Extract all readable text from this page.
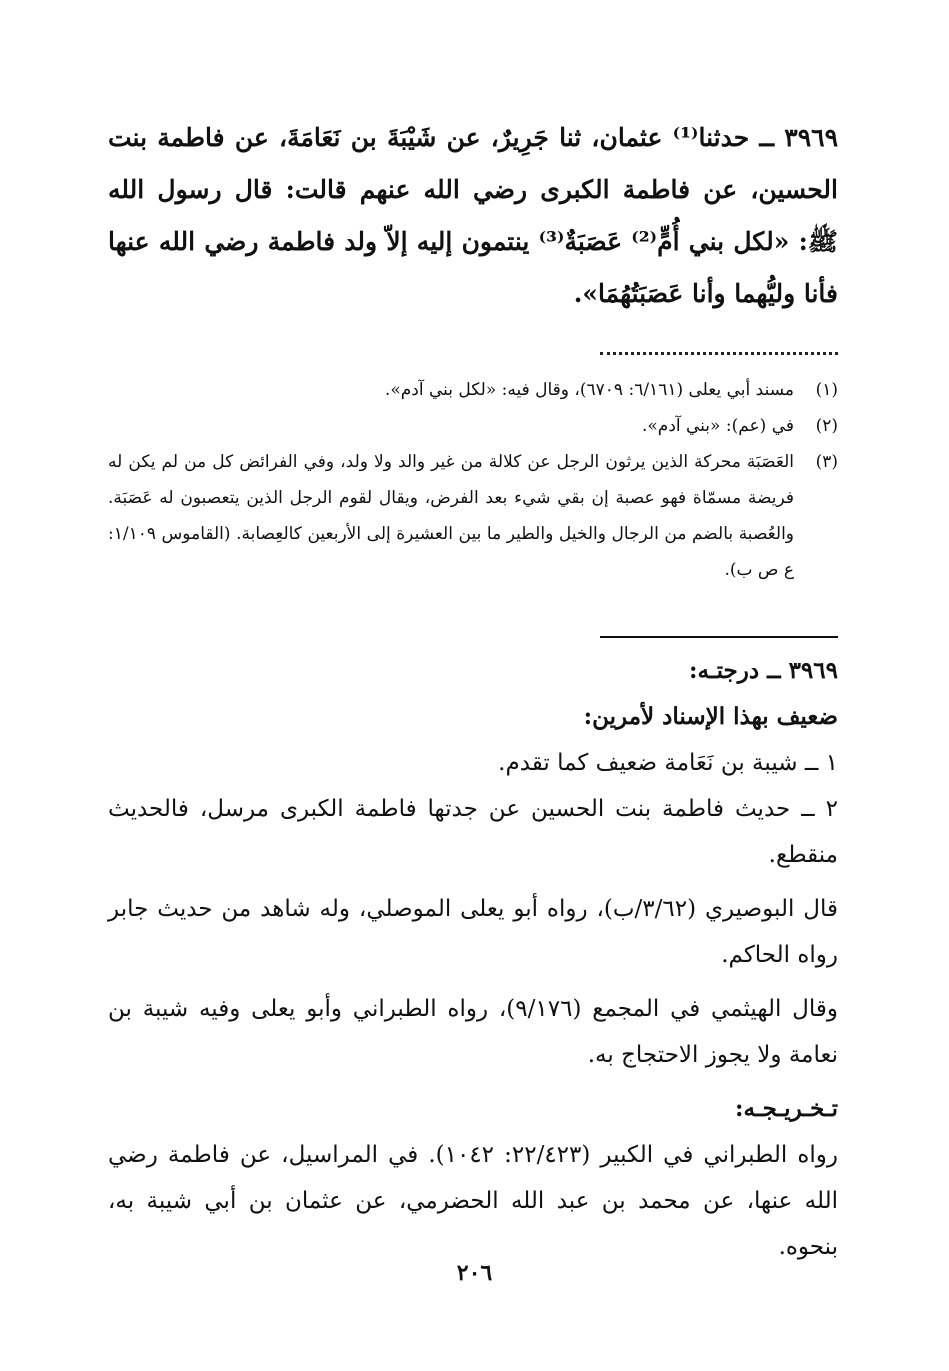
٣٩٦٩ ــ حدثنا⁽¹⁾ عثمان، ثنا جَرِيرٌ، عن شَيْبَةَ بن نَعَامَةَ، عن فاطمة بنت الحسين، عن فاطمة الكبرى رضي الله عنهم قالت: قال رسول الله ﷺ: «لكل بني أُمٍّ⁽²⁾ عَصَبَةٌ⁽³⁾ ينتمون إليه إلاّ ولد فاطمة رضي الله عنها فأنا وليُّهما وأنا عَصَبَتُهُمَا».
(١)
مسند أبي يعلى (٦/١٦١: ٦٧٠٩)، وقال فيه: «لكل بني آدم».
(٢)
في (عم): «بني آدم».
(٣)
العَصَبَة محركة الذين يرثون الرجل عن كلالة من غير والد ولا ولد، وفي الفرائض كل من لم يكن له فريضة مسمّاة فهو عصبة إن بقي شيء بعد الفرض، ويقال لقوم الرجل الذين يتعصبون له عَصَبَة. والعُصبة بالضم من الرجال والخيل والطير ما بين العشيرة إلى الأربعين كالعِصابة. (القاموس ١/١٠٩: ع ص ب).

٣٩٦٩ ــ درجتـه:

ضعيف بهذا الإسناد لأمرين:

١ ــ شيبة بن نَعَامة ضعيف كما تقدم.

٢ ــ حديث فاطمة بنت الحسين عن جدتها فاطمة الكبرى مرسل، فالحديث منقطع.

قال البوصيري (٣/٦٢/ب)، رواه أبو يعلى الموصلي، وله شاهد من حديث جابر رواه الحاكم.

وقال الهيثمي في المجمع (٩/١٧٦)، رواه الطبراني وأبو يعلى وفيه شيبة بن نعامة ولا يجوز الاحتجاج به.

تـخـريـجـه:

رواه الطبراني في الكبير (٢٢/٤٢٣: ١٠٤٢). في المراسيل، عن فاطمة رضي الله عنها، عن محمد بن عبد الله الحضرمي، عن عثمان بن أبي شيبة به، بنحوه.

٢٠٦
